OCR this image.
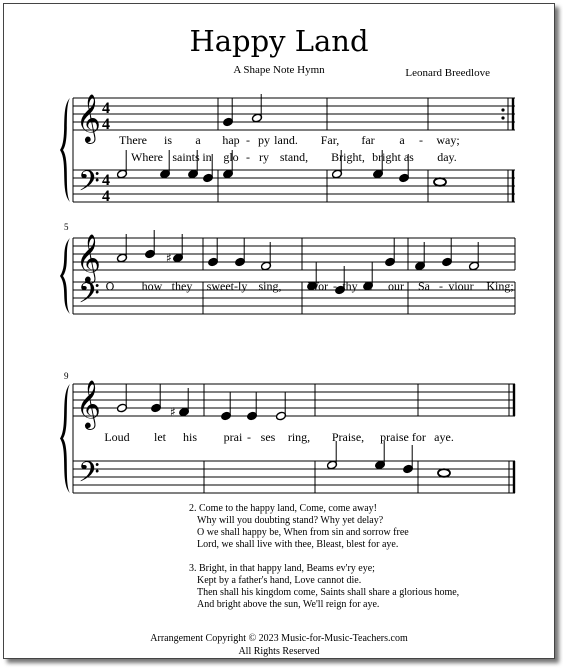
Happy Land
A Shape Note Hymn	Leonard Breedlove
𝄞
𝄢
4
4
4
4
There is a hap - py land. Far, far a - way;
Where saints in glo - ry stand, Bright, bright as day.
5
𝄞
𝄢
♯
O how they sweet-ly sing, Wor - thy is our Sa - viour King;
9
𝄞
𝄢
♯
Loud let his prai - ses ring, Praise, praise for aye.
2. Come to the happy land, Come, come away!
Why will you doubting stand? Why yet delay?
O we shall happy be, When from sin and sorrow free
Lord, we shall live with thee, Bleast, blest for aye.
3. Bright, in that happy land, Beams ev'ry eye;
Kept by a father's hand, Love cannot die.
Then shall his kingdom come, Saints shall share a glorious home,
And bright above the sun, We'll reign for aye.
Arrangement Copyright © 2023 Music-for-Music-Teachers.com
All Rights Reserved
